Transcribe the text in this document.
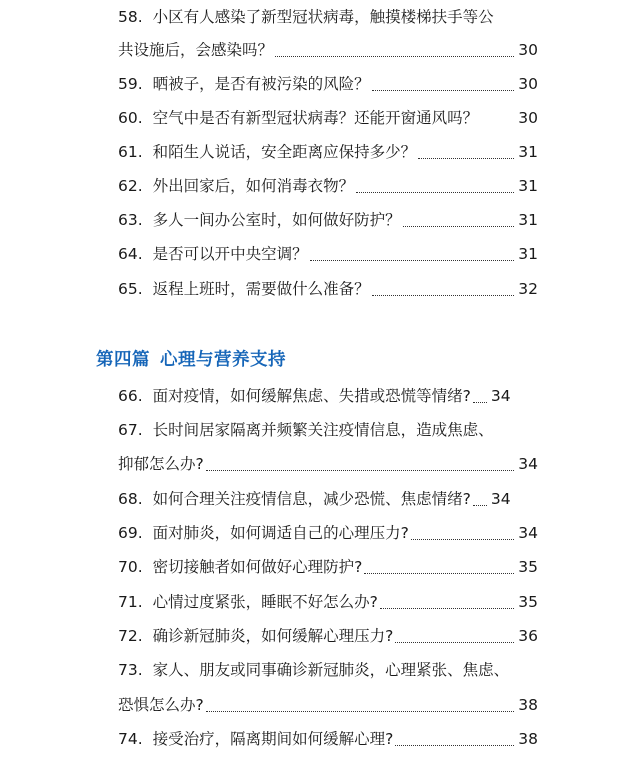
58. 小区有人感染了新型冠状病毒，触摸楼梯扶手等公
共设施后，会感染吗？	30
59. 晒被子，是否有被污染的风险？	30
60. 空气中是否有新型冠状病毒？还能开窗通风吗？	30
61. 和陌生人说话，安全距离应保持多少？	31
62. 外出回家后，如何消毒衣物？	31
63. 多人一间办公室时，如何做好防护？	31
64. 是否可以开中央空调？	31
65. 返程上班时，需要做什么准备？	32
第四篇 心理与营养支持
66. 面对疫情，如何缓解焦虑、失措或恐慌等情绪? 34
67. 长时间居家隔离并频繁关注疫情信息，造成焦虑、
抑郁怎么办?	34
68. 如何合理关注疫情信息，减少恐慌、焦虑情绪? 34
69. 面对肺炎，如何调适自己的心理压力?	34
70. 密切接触者如何做好心理防护?	35
71. 心情过度紧张，睡眠不好怎么办?	35
72. 确诊新冠肺炎，如何缓解心理压力?	36
73. 家人、朋友或同事确诊新冠肺炎，心理紧张、焦虑、
恐惧怎么办?	38
74. 接受治疗，隔离期间如何缓解心理?	38
